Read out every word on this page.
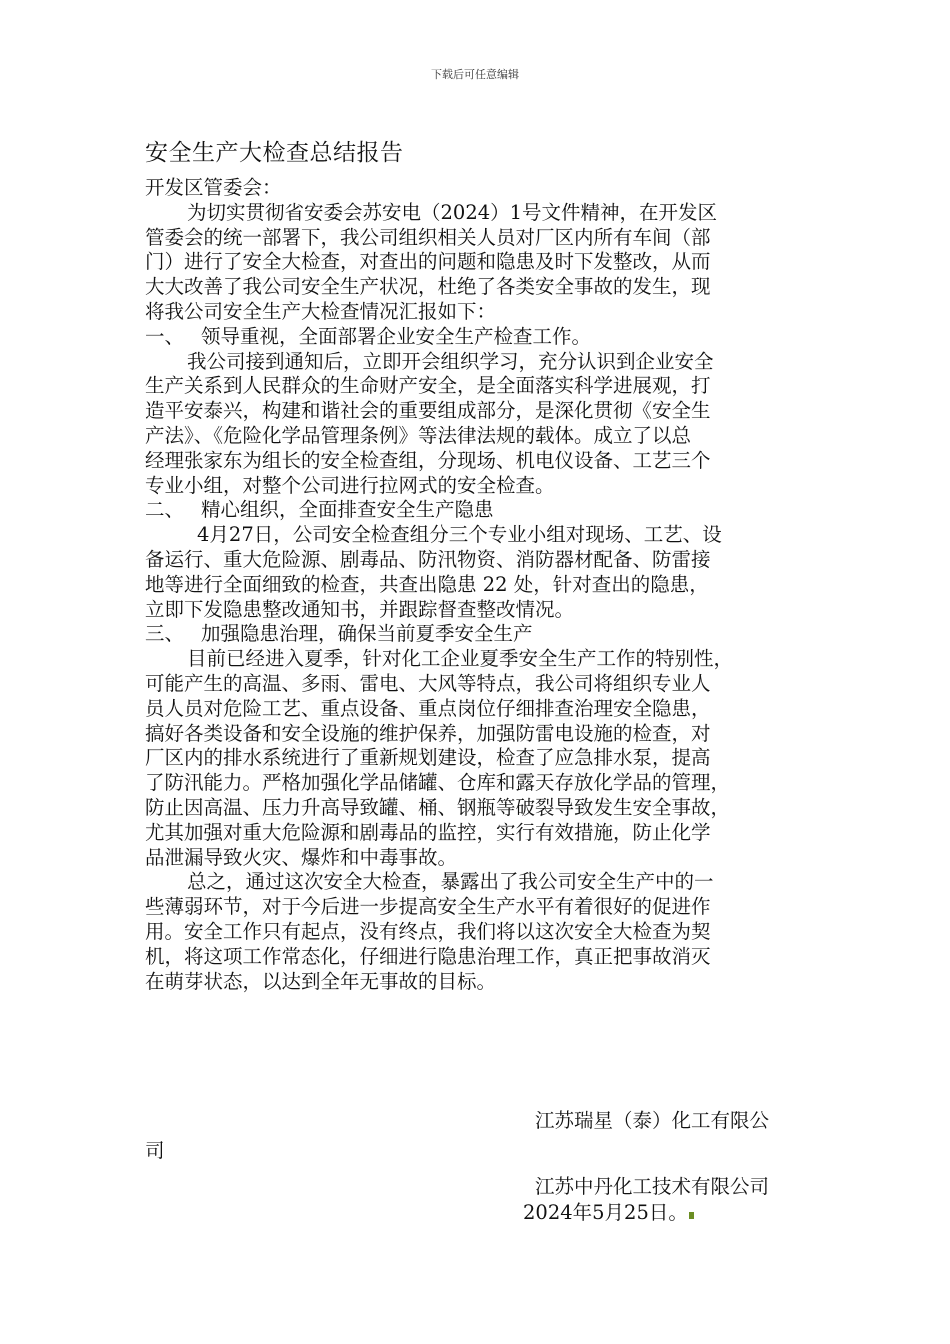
下载后可任意编辑
安全生产大检查总结报告
开发区管委会：
为切实贯彻省安委会苏安电（2024）1号文件精神，在开发区
管委会的统一部署下，我公司组织相关人员对厂区内所有车间（部
门）进行了安全大检查，对查出的问题和隐患及时下发整改，从而
大大改善了我公司安全生产状况，杜绝了各类安全事故的发生，现
将我公司安全生产大检查情况汇报如下：
一、 领导重视，全面部署企业安全生产检查工作。
我公司接到通知后，立即开会组织学习，充分认识到企业安全
生产关系到人民群众的生命财产安全，是全面落实科学进展观，打
造平安泰兴，构建和谐社会的重要组成部分，是深化贯彻《安全生
产法》、《危险化学品管理条例》等法律法规的载体。成立了以总
经理张家东为组长的安全检查组，分现场、机电仪设备、工艺三个
专业小组，对整个公司进行拉网式的安全检查。
二、 精心组织，全面排查安全生产隐患
4月27日，公司安全检查组分三个专业小组对现场、工艺、设
备运行、重大危险源、剧毒品、防汛物资、消防器材配备、防雷接
地等进行全面细致的检查，共查出隐患 22 处，针对查出的隐患，
立即下发隐患整改通知书，并跟踪督查整改情况。
三、 加强隐患治理，确保当前夏季安全生产
目前已经进入夏季，针对化工企业夏季安全生产工作的特别性，
可能产生的高温、多雨、雷电、大风等特点，我公司将组织专业人
员人员对危险工艺、重点设备、重点岗位仔细排查治理安全隐患，
搞好各类设备和安全设施的维护保养，加强防雷电设施的检查，对
厂区内的排水系统进行了重新规划建设，检查了应急排水泵，提高
了防汛能力。严格加强化学品储罐、仓库和露天存放化学品的管理，
防止因高温、压力升高导致罐、桶、钢瓶等破裂导致发生安全事故，
尤其加强对重大危险源和剧毒品的监控，实行有效措施，防止化学
品泄漏导致火灾、爆炸和中毒事故。
总之，通过这次安全大检查，暴露出了我公司安全生产中的一
些薄弱环节，对于今后进一步提高安全生产水平有着很好的促进作
用。安全工作只有起点，没有终点，我们将以这次安全大检查为契
机，将这项工作常态化，仔细进行隐患治理工作，真正把事故消灭
在萌芽状态，以达到全年无事故的目标。
江苏瑞星（泰）化工有限公
司
江苏中丹化工技术有限公司
2024年5月25日。
